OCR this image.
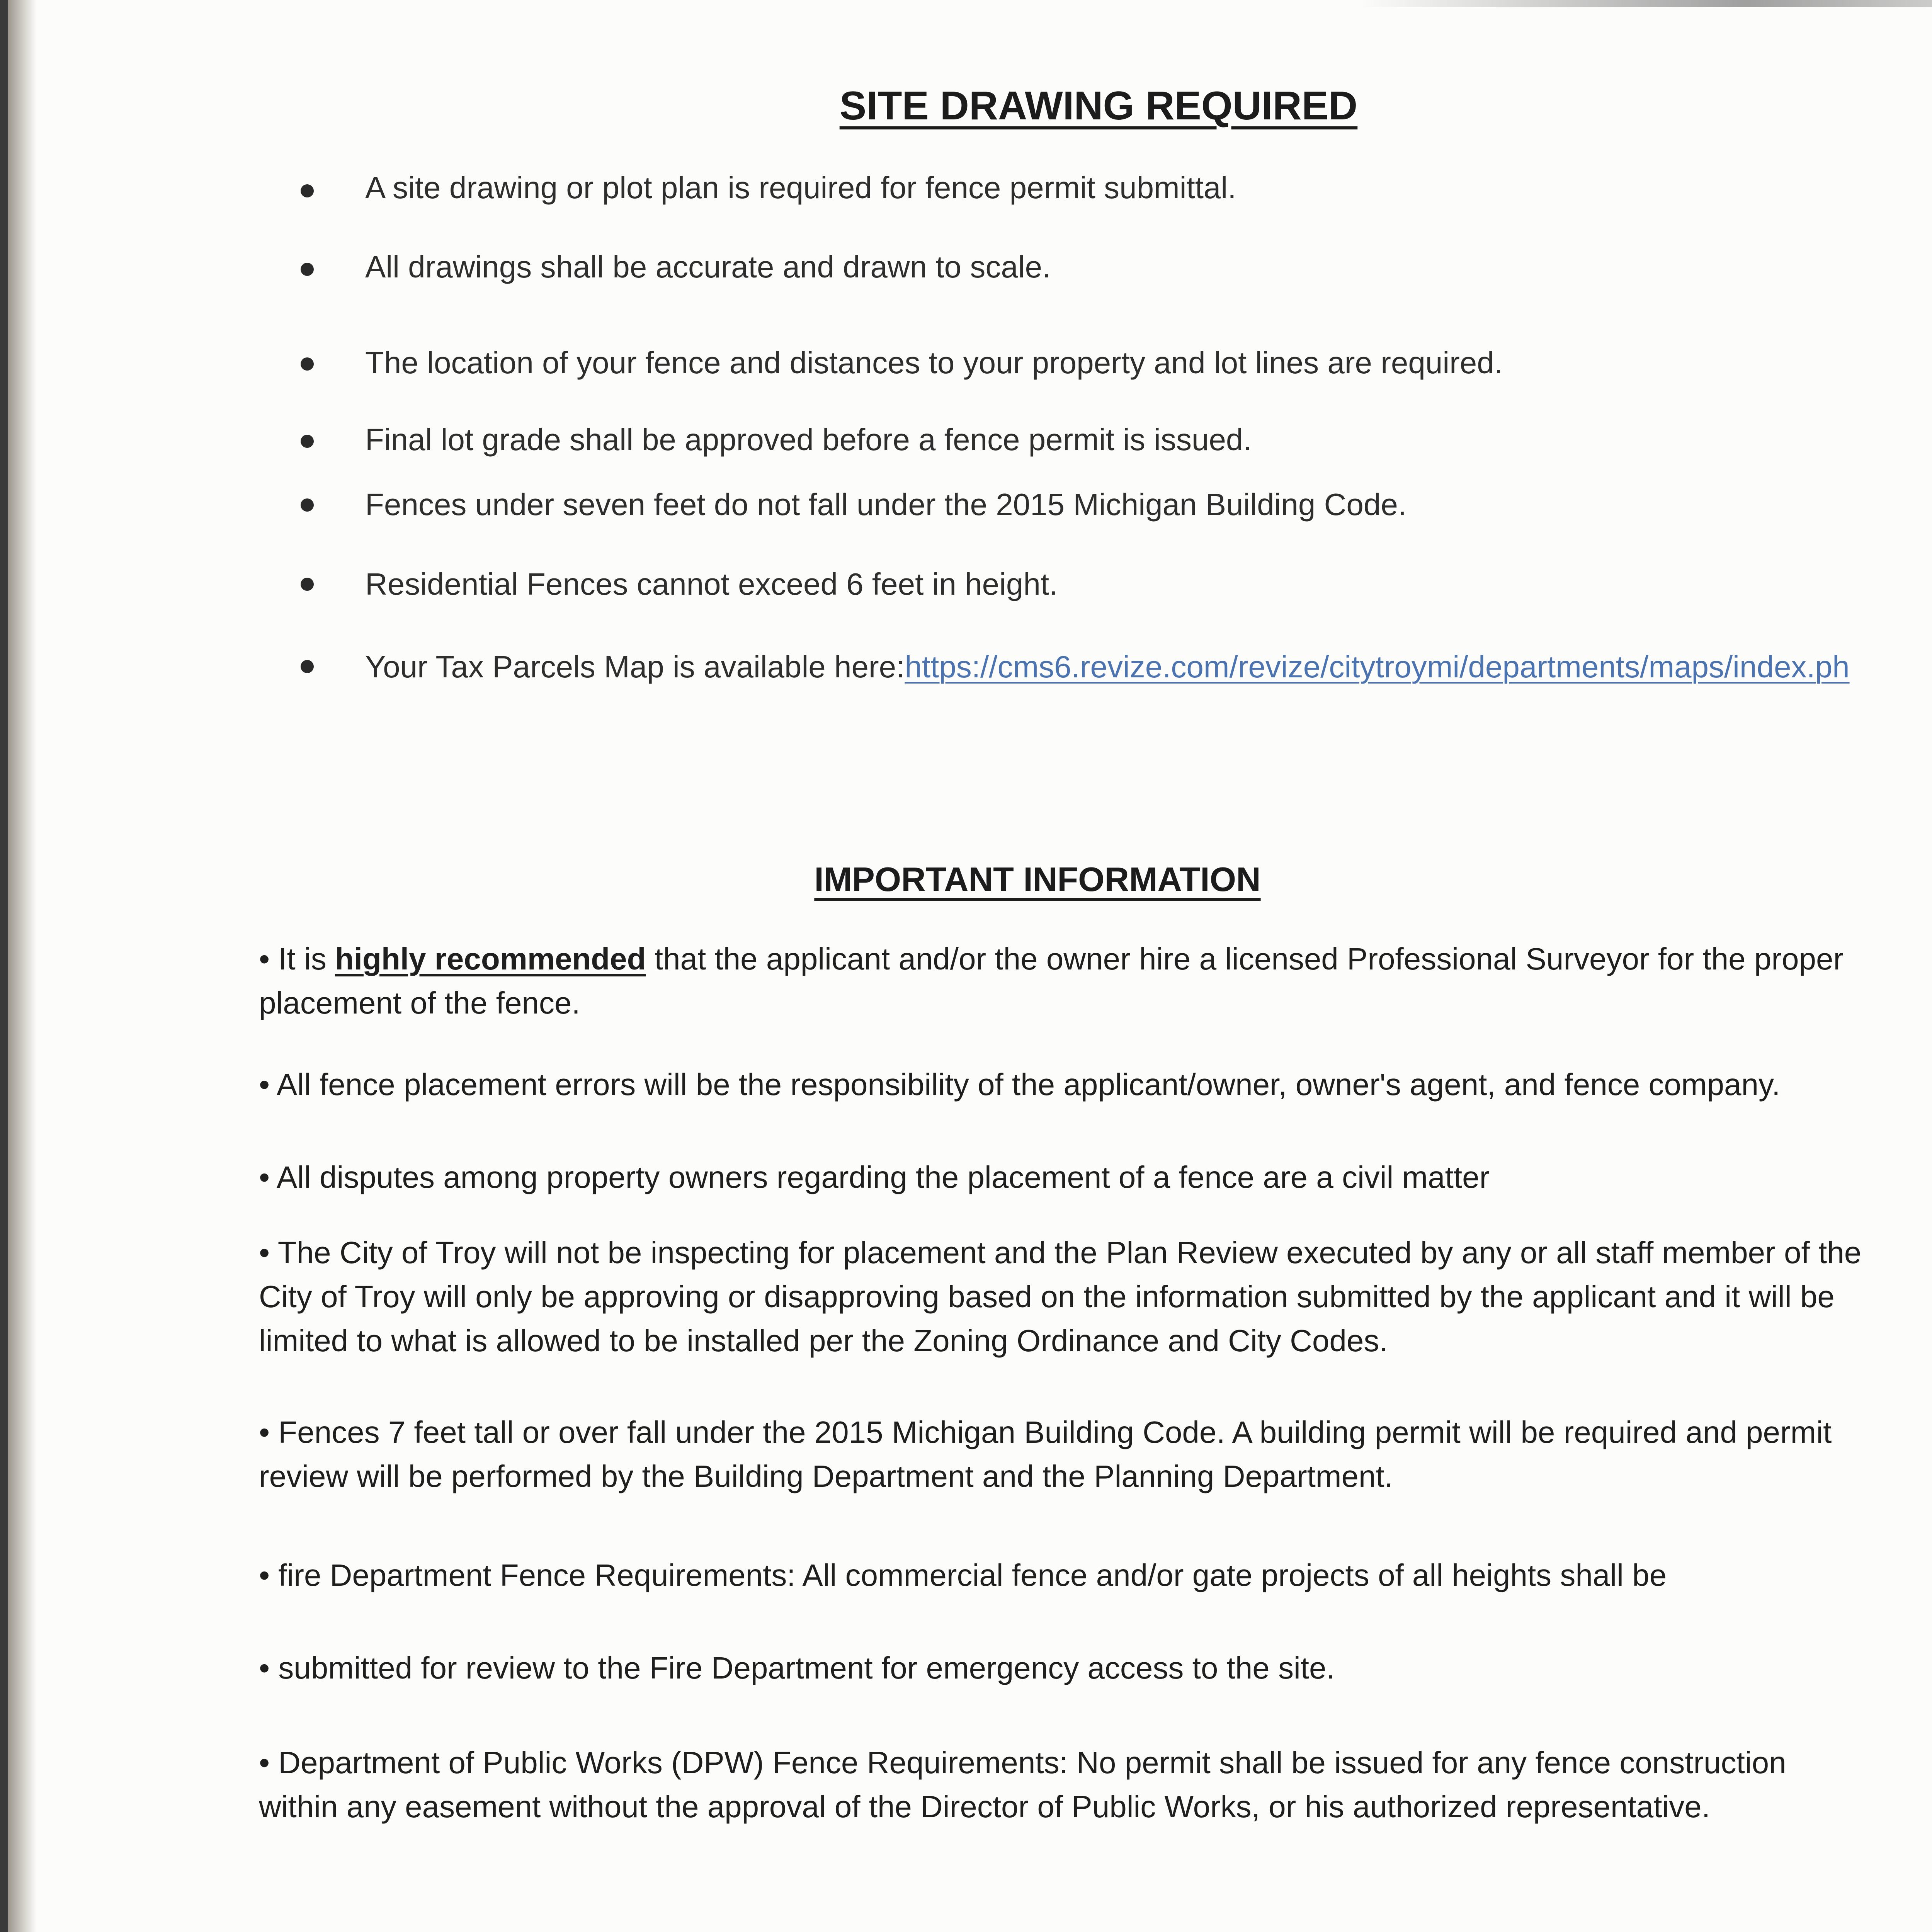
SITE DRAWING REQUIRED
A site drawing or plot plan is required for fence permit submittal.
All drawings shall be accurate and drawn to scale.
The location of your fence and distances to your property and lot lines are required.
Final lot grade shall be approved before a fence permit is issued.
Fences under seven feet do not fall under the 2015 Michigan Building Code.
Residential Fences cannot exceed 6 feet in height.
Your Tax Parcels Map is available here:https://cms6.revize.com/revize/citytroymi/departments/maps/index.ph
IMPORTANT INFORMATION
• It is highly recommended that the applicant and/or the owner hire a licensed Professional Surveyor for the proper placement of the fence.
• All fence placement errors will be the responsibility of the applicant/owner, owner's agent, and fence company.
• All disputes among property owners regarding the placement of a fence are a civil matter
• The City of Troy will not be inspecting for placement and the Plan Review executed by any or all staff member of the City of Troy will only be approving or disapproving based on the information submitted by the applicant and it will be limited to what is allowed to be installed per the Zoning Ordinance and City Codes.
• Fences 7 feet tall or over fall under the 2015 Michigan Building Code. A building permit will be required and permit review will be performed by the Building Department and the Planning Department.
• fire Department Fence Requirements: All commercial fence and/or gate projects of all heights shall be
• submitted for review to the Fire Department for emergency access to the site.
• Department of Public Works (DPW) Fence Requirements: No permit shall be issued for any fence construction within any easement without the approval of the Director of Public Works, or his authorized representative.
